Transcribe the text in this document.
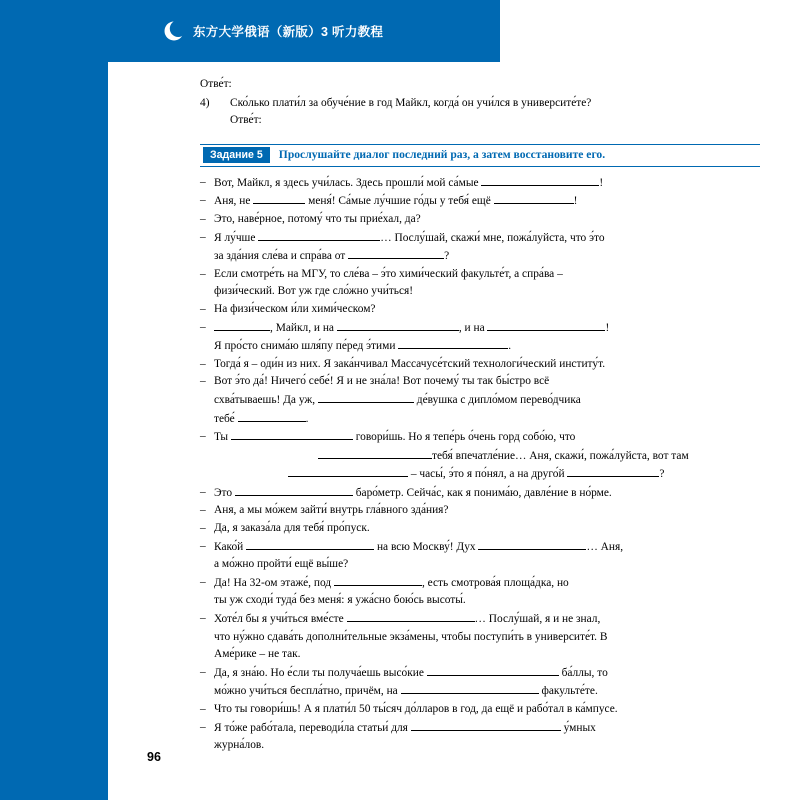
东方大学俄语（新版）3 听力教程
Отве́т:
4)	Ско́лько плати́л за обуче́ние в год Майкл, когда́ он учи́лся в университе́те?
Отве́т:
Задание 5	Прослушайте диалог последний раз, а затем восстановите его.
– Вот, Майкл, я здесь учи́лась. Здесь прошли́ мой са́мые	!
– Аня, не	меня́! Са́мые лу́чшие го́ды у тебя́ ещё	!
– Это, наве́рное, потому́ что ты прие́хал, да?
– Я лу́чше	… Послу́шай, скажи́ мне, пожа́луйста, что э́то
за зда́ния сле́ва и спра́ва от	?
– Если смотре́ть на МГУ, то сле́ва – э́то хими́ческий факульте́т, а спра́ва –
физи́ческий. Вот уж где сло́жно учи́ться!
– На физи́ческом и́ли хими́ческом?
–	, Майкл, и на	, и на	!
Я про́сто снима́ю шля́пу пе́ред э́тими	.
– Тогда́ я – оди́н из них. Я зака́нчивал Массачусе́тский технологи́ческий институ́т.
– Вот э́то да́! Ничего́ себе́! Я и не зна́ла! Вот почему́ ты так бы́стро всё
схва́тываешь! Да уж,	де́вушка с дипло́мом перево́дчика
тебе́	.
– Ты	говори́шь. Но я тепе́рь о́чень горд собо́ю, что
тебя́ впечатле́ние… Аня, скажи́, пожа́луйста, вот там
– часы́, э́то я по́нял, а на друго́й	?
– Это	баро́метр. Сейча́с, как я понима́ю, давле́ние в но́рме.
– Аня, а мы мо́жем зайти́ внутрь гла́вного зда́ния?
– Да, я заказа́ла для тебя́ про́пуск.
– Како́й	на всю Москву́! Дух	… Аня,
а мо́жно пройти́ ещё вы́ше?
– Да! На 32-ом этаже́, под	, есть смотрова́я площа́дка, но
ты уж сходи́ туда́ без меня́: я ужа́сно бою́сь высоты́.
– Хоте́л бы я учи́ться вме́сте	… Послу́шай, я и не знал,
что ну́жно сдава́ть дополни́тельные экза́мены, чтобы поступи́ть в университе́т. В
Аме́рике – не так.
– Да, я зна́ю. Но е́сли ты получа́ешь высо́кие	ба́ллы, то
мо́жно учи́ться беспла́тно, причём, на	факульте́те.
– Что ты говори́шь! А я плати́л 50 ты́сяч до́лларов в год, да ещё и рабо́тал в ка́мпусе.
– Я то́же рабо́тала, переводи́ла статьи́ для	у́мных
журна́лов.
96
